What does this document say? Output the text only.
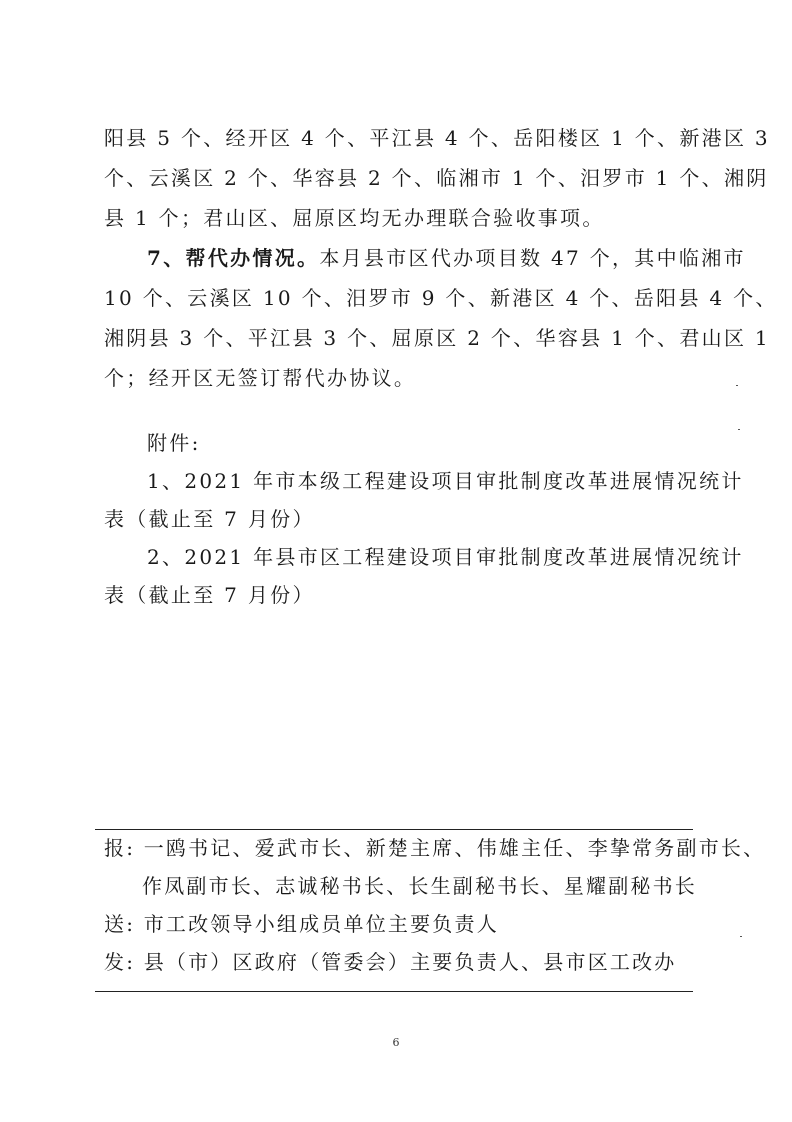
阳县 5 个、经开区 4 个、平江县 4 个、岳阳楼区 1 个、新港区 3
个、云溪区 2 个、华容县 2 个、临湘市 1 个、汨罗市 1 个、湘阴
县 1 个；君山区、屈原区均无办理联合验收事项。
7、帮代办情况。本月县市区代办项目数 47 个，其中临湘市
10 个、云溪区 10 个、汨罗市 9 个、新港区 4 个、岳阳县 4 个、
湘阴县 3 个、平江县 3 个、屈原区 2 个、华容县 1 个、君山区 1
个；经开区无签订帮代办协议。
附件:
1、2021 年市本级工程建设项目审批制度改革进展情况统计
表（截止至 7 月份）
2、2021 年县市区工程建设项目审批制度改革进展情况统计
表（截止至 7 月份）
报: 一鸥书记、爱武市长、新楚主席、伟雄主任、李挚常务副市长、
作凤副市长、志诚秘书长、长生副秘书长、星耀副秘书长
送: 市工改领导小组成员单位主要负责人
发: 县（市）区政府（管委会）主要负责人、县市区工改办
6
